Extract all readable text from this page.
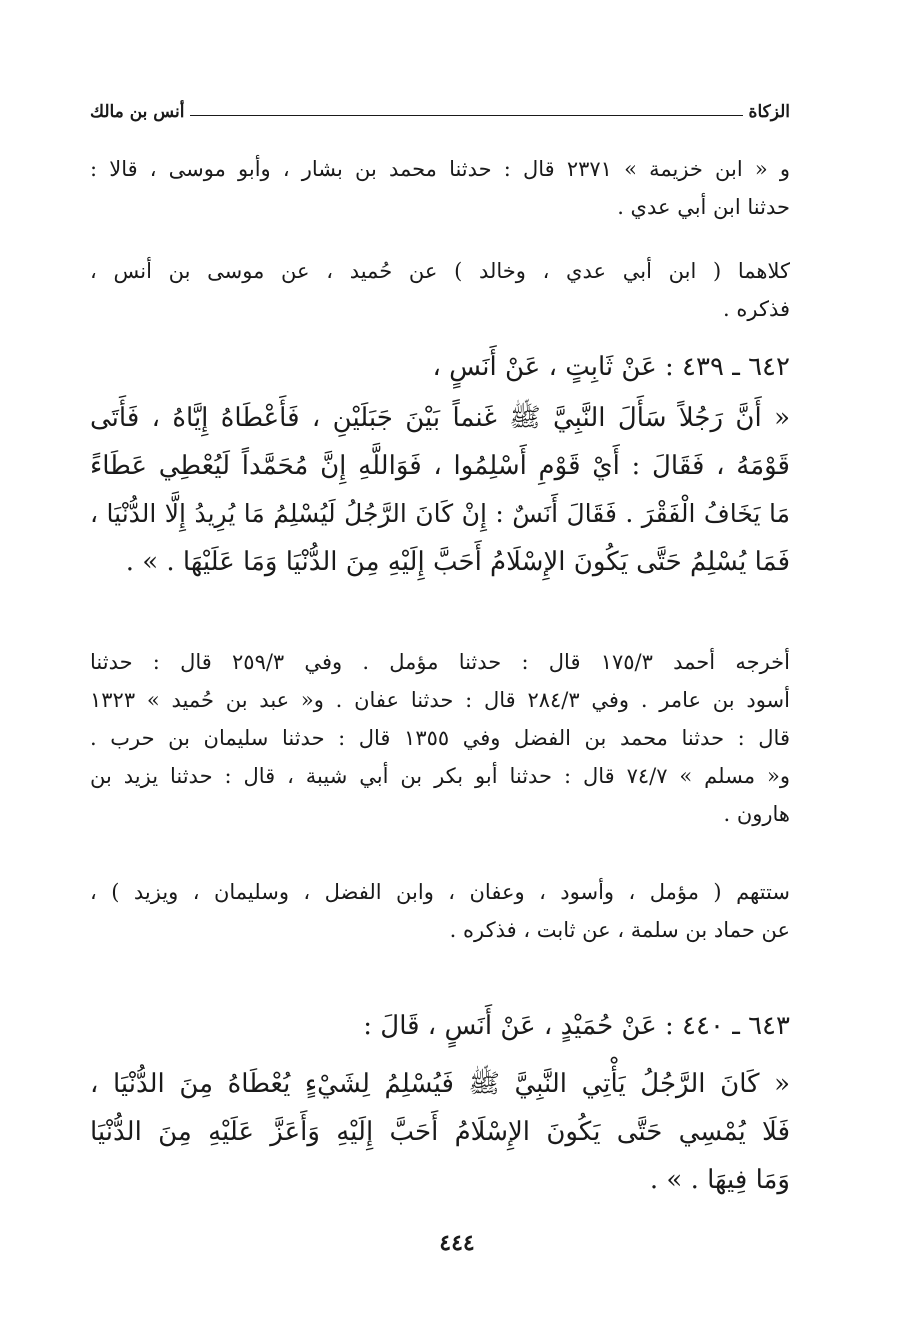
الزكاة
أنس بن مالك
و « ابن خزيمة » ٢٣٧١ قال : حدثنا محمد بن بشار ، وأبو موسى ، قالا :
حدثنا ابن أبي عدي .
كلاهما ( ابن أبي عدي ، وخالد ) عن حُميد ، عن موسى بن أنس ،
فذكره .
٦٤٢ ـ ٤٣٩ : عَنْ ثَابِتٍ ، عَنْ أَنَسٍ ،
« أَنَّ رَجُلاً سَأَلَ النَّبِيَّ ﷺ غَنماً بَيْنَ جَبَلَيْنِ ، فَأَعْطَاهُ إِيَّاهُ ، فَأَتَى
قَوْمَهُ ، فَقَالَ : أَيْ قَوْمِ أَسْلِمُوا ، فَوَاللَّهِ إِنَّ مُحَمَّداً لَيُعْطِي عَطَاءً
مَا يَخَافُ الْفَقْرَ . فَقَالَ أَنَسٌ : إِنْ كَانَ الرَّجُلُ لَيُسْلِمُ مَا يُرِيدُ إِلَّا الدُّنْيَا ،
فَمَا يُسْلِمُ حَتَّى يَكُونَ الإِسْلَامُ أَحَبَّ إِلَيْهِ مِنَ الدُّنْيَا وَمَا عَلَيْهَا . » .
أخرجه أحمد ١٧٥/٣ قال : حدثنا مؤمل . وفي ٢٥٩/٣ قال : حدثنا
أسود بن عامر . وفي ٢٨٤/٣ قال : حدثنا عفان . و« عبد بن حُميد » ١٣٢٣
قال : حدثنا محمد بن الفضل وفي ١٣٥٥ قال : حدثنا سليمان بن حرب .
و« مسلم » ٧٤/٧ قال : حدثنا أبو بكر بن أبي شيبة ، قال : حدثنا يزيد بن
هارون .
ستتهم ( مؤمل ، وأسود ، وعفان ، وابن الفضل ، وسليمان ، ويزيد ) ،
عن حماد بن سلمة ، عن ثابت ، فذكره .
٦٤٣ ـ ٤٤٠ : عَنْ حُمَيْدٍ ، عَنْ أَنَسٍ ، قَالَ :
« كَانَ الرَّجُلُ يَأْتِي النَّبِيَّ ﷺ فَيُسْلِمُ لِشَيْءٍ يُعْطَاهُ مِنَ الدُّنْيَا ،
فَلَا يُمْسِي حَتَّى يَكُونَ الإِسْلَامُ أَحَبَّ إِلَيْهِ وَأَعَزَّ عَلَيْهِ مِنَ الدُّنْيَا
وَمَا فِيهَا . » .
٤٤٤
